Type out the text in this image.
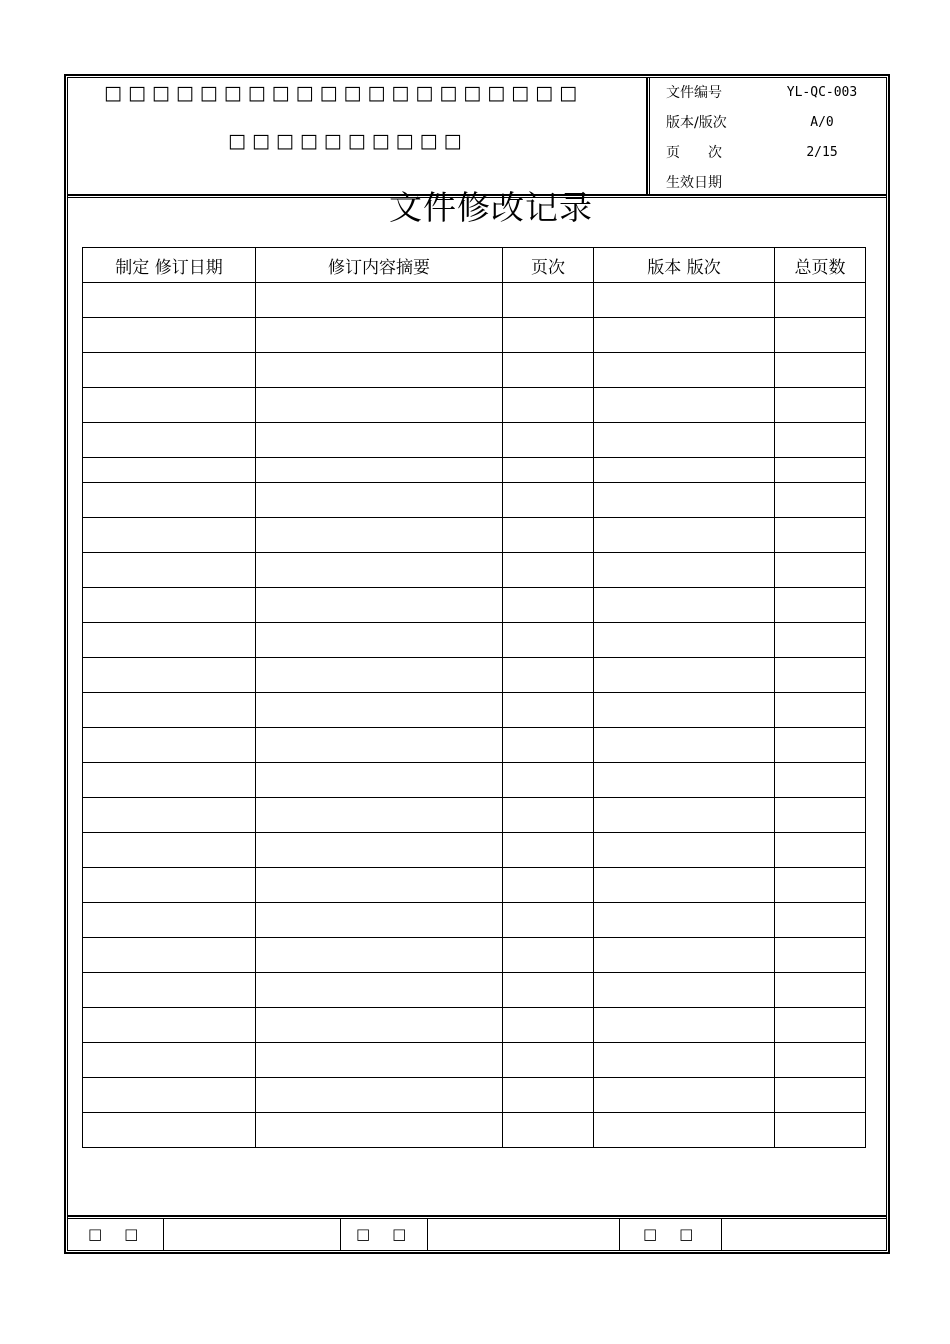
□□□□□□□□□□□□□□□□□□□□
□□□□□□□□□□
文件编号	YL-QC-003
版本/版次	A/0
页　　次	2/15
生效日期
文件修改记录
制定 修订日期	修订内容摘要	页次	版本 版次	总页数

□□	□□	□□
